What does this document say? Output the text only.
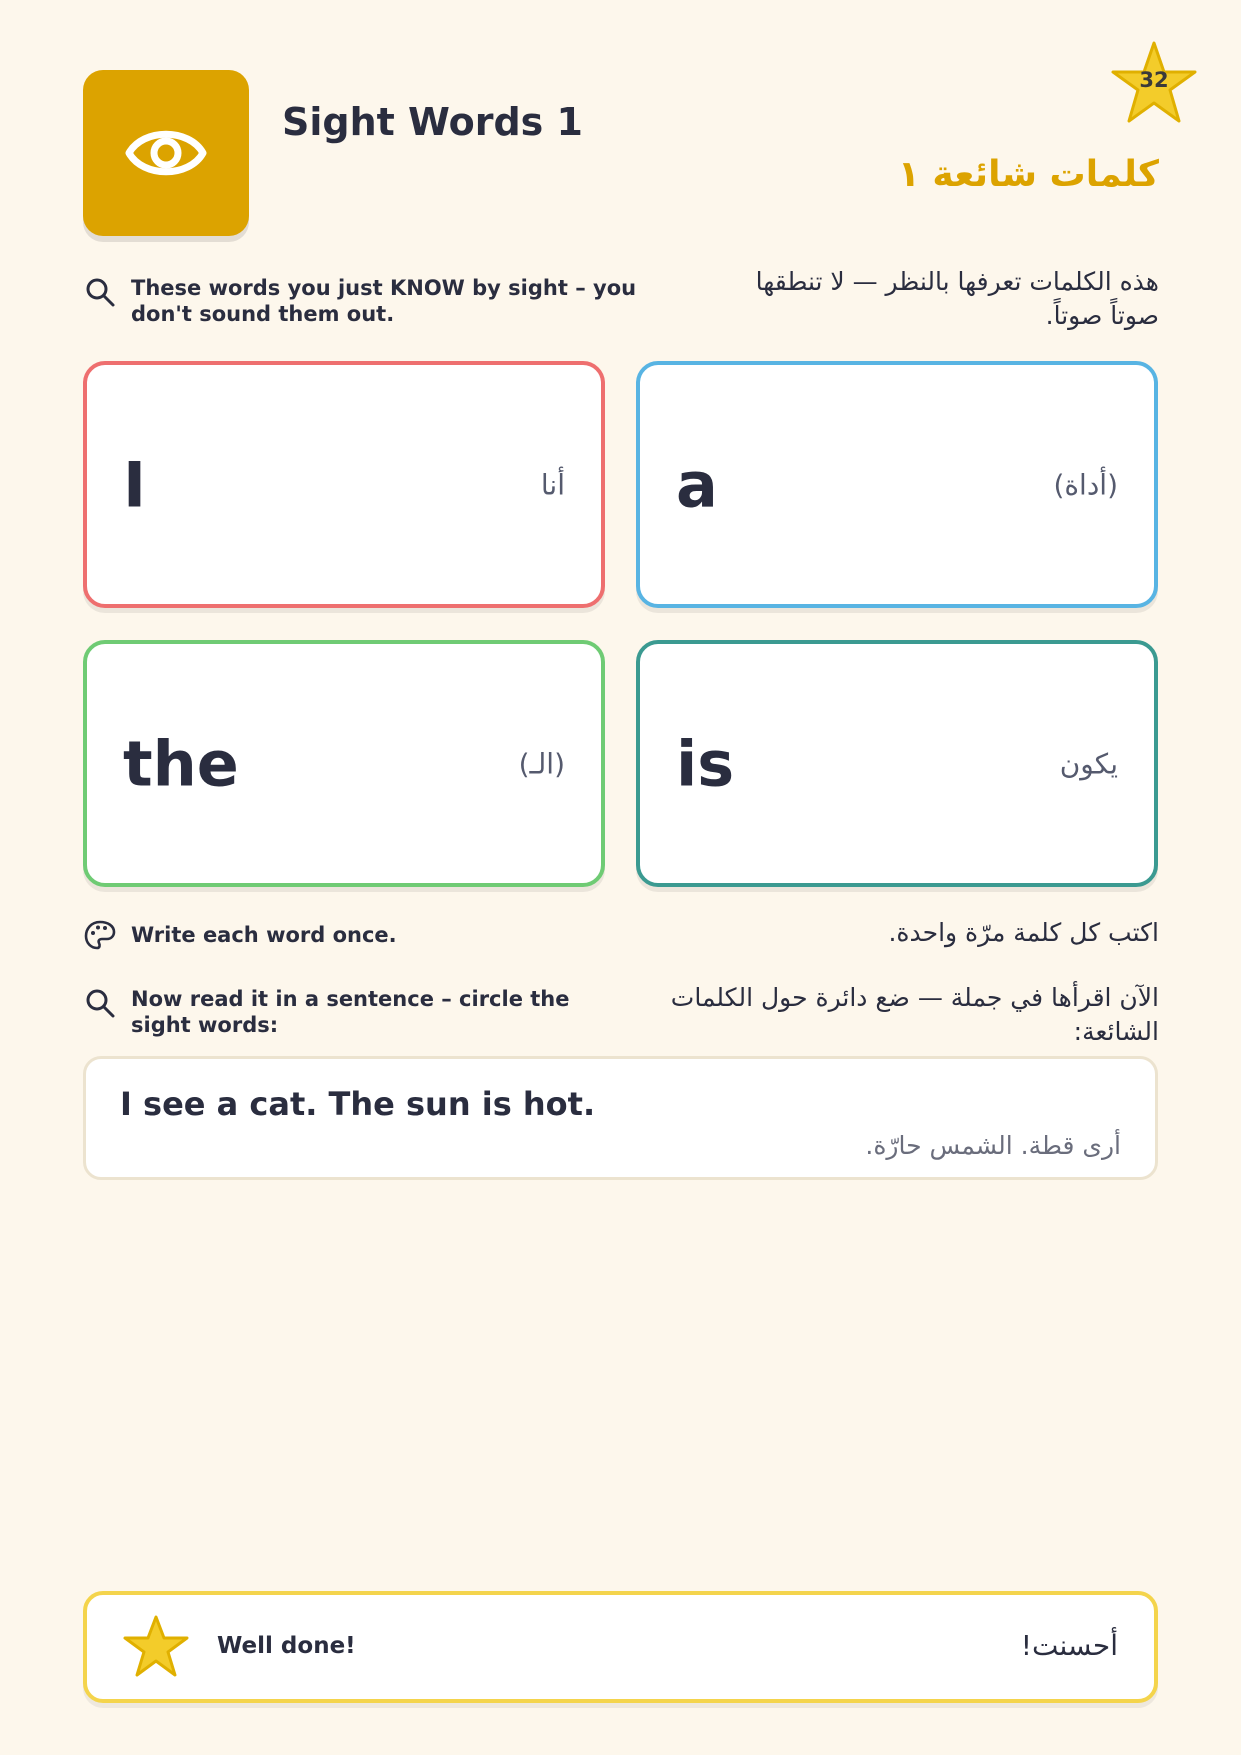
Sight Words 1
كلمات شائعة ١
32
These words you just KNOW by sight – you don't sound them out.
هذه الكلمات تعرفها بالنظر — لا تنطقها صوتاً صوتاً.
I	أنا a	(أداة)
the	(الـ) is	يكون
Write each word once.	اكتب كل كلمة مرّة واحدة.
Now read it in a sentence – circle the sight words:
الآن اقرأها في جملة — ضع دائرة حول الكلمات الشائعة:
I see a cat. The sun is hot.
أرى قطة. الشمس حارّة.
Well done!	أحسنت!
